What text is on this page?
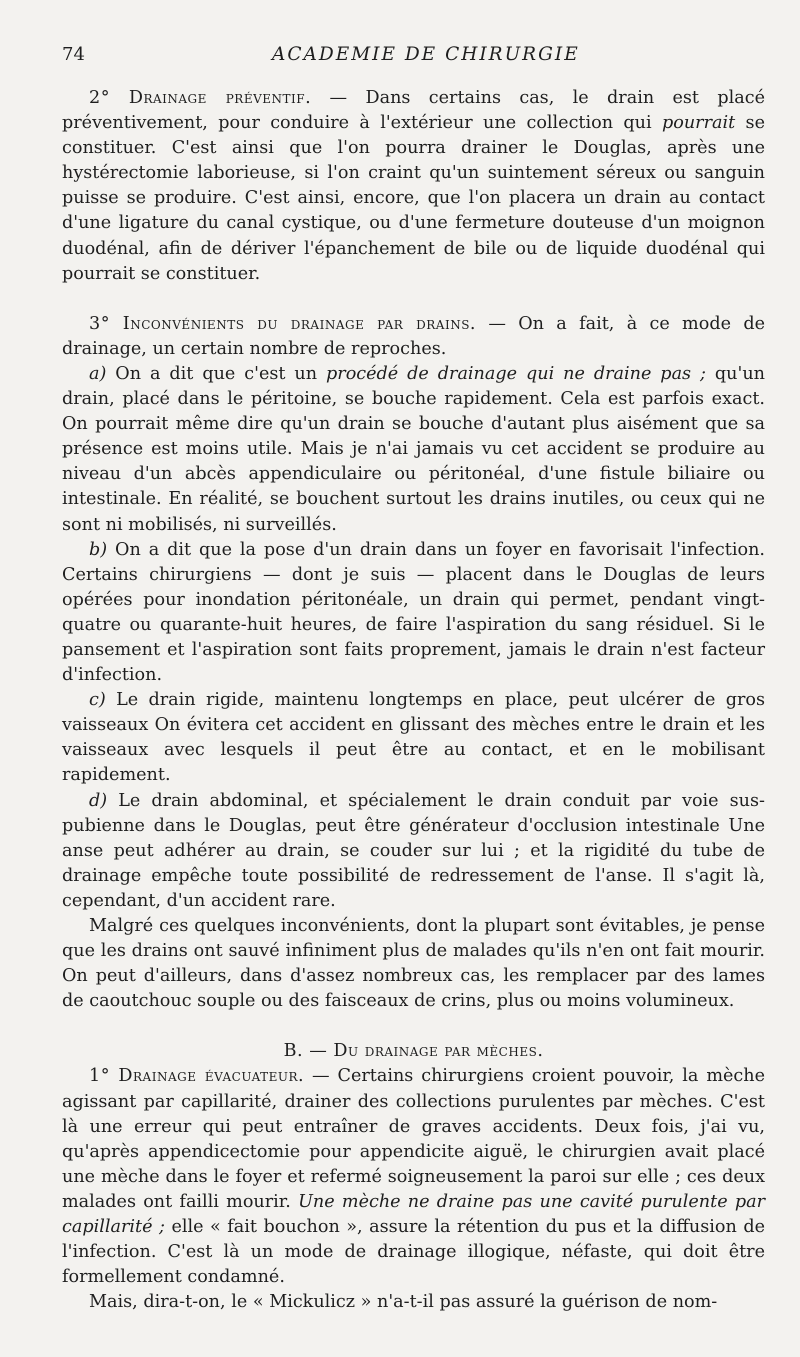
74	ACADEMIE DE CHIRURGIE

2° Drainage préventif. — Dans certains cas, le drain est placé préventivement, pour conduire à l'extérieur une collection qui pourrait se constituer. C'est ainsi que l'on pourra drainer le Douglas, après une hystérectomie laborieuse, si l'on craint qu'un suintement séreux ou sanguin puisse se produire. C'est ainsi, encore, que l'on placera un drain au contact d'une ligature du canal cystique, ou d'une fermeture douteuse d'un moignon duodénal, afin de dériver l'épanchement de bile ou de liquide duodénal qui pourrait se constituer.

3° Inconvénients du drainage par drains. — On a fait, à ce mode de drainage, un certain nombre de reproches.

a) On a dit que c'est un procédé de drainage qui ne draine pas ; qu'un drain, placé dans le péritoine, se bouche rapidement. Cela est parfois exact. On pourrait même dire qu'un drain se bouche d'autant plus aisément que sa présence est moins utile. Mais je n'ai jamais vu cet accident se produire au niveau d'un abcès appendiculaire ou péritonéal, d'une fistule biliaire ou intestinale. En réalité, se bouchent surtout les drains inutiles, ou ceux qui ne sont ni mobilisés, ni surveillés.

b) On a dit que la pose d'un drain dans un foyer en favorisait l'infection. Certains chirurgiens — dont je suis — placent dans le Douglas de leurs opérées pour inondation péritonéale, un drain qui permet, pendant vingt-quatre ou quarante-huit heures, de faire l'aspiration du sang résiduel. Si le pansement et l'aspiration sont faits proprement, jamais le drain n'est facteur d'infection.

c) Le drain rigide, maintenu longtemps en place, peut ulcérer de gros vaisseaux On évitera cet accident en glissant des mèches entre le drain et les vaisseaux avec lesquels il peut être au contact, et en le mobilisant rapidement.

d) Le drain abdominal, et spécialement le drain conduit par voie sus-pubienne dans le Douglas, peut être générateur d'occlusion intestinale Une anse peut adhérer au drain, se couder sur lui ; et la rigidité du tube de drainage empêche toute possibilité de redressement de l'anse. Il s'agit là, cependant, d'un accident rare.

Malgré ces quelques inconvénients, dont la plupart sont évitables, je pense que les drains ont sauvé infiniment plus de malades qu'ils n'en ont fait mourir. On peut d'ailleurs, dans d'assez nombreux cas, les remplacer par des lames de caoutchouc souple ou des faisceaux de crins, plus ou moins volumineux.

B. — Du drainage par mèches.

1° Drainage évacuateur. — Certains chirurgiens croient pouvoir, la mèche agissant par capillarité, drainer des collections purulentes par mèches. C'est là une erreur qui peut entraîner de graves accidents. Deux fois, j'ai vu, qu'après appendicectomie pour appendicite aiguë, le chirurgien avait placé une mèche dans le foyer et refermé soigneusement la paroi sur elle ; ces deux malades ont failli mourir. Une mèche ne draine pas une cavité purulente par capillarité ; elle « fait bouchon », assure la rétention du pus et la diffusion de l'infection. C'est là un mode de drainage illogique, néfaste, qui doit être formellement condamné.

Mais, dira-t-on, le « Mickulicz » n'a-t-il pas assuré la guérison de nom-
